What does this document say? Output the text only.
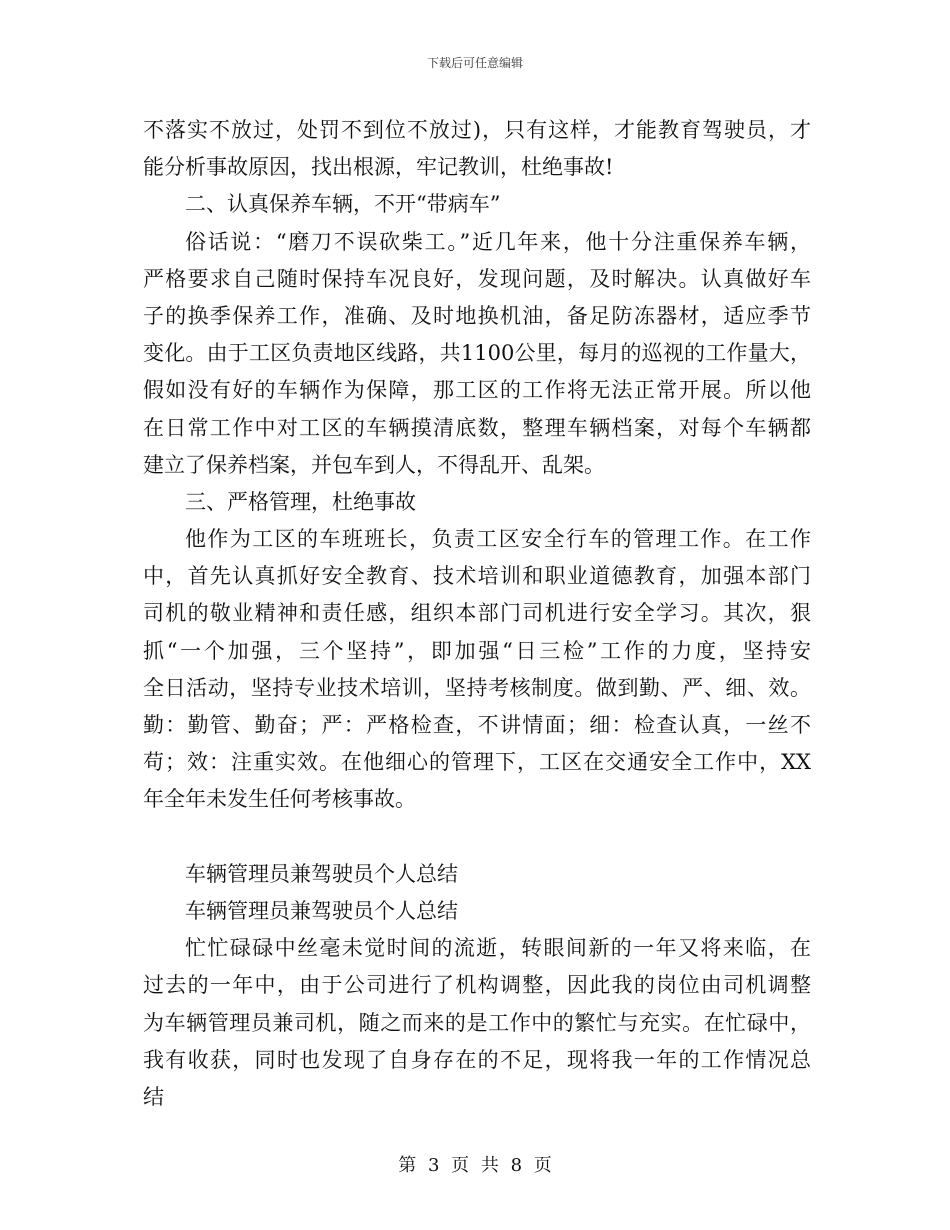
下载后可任意编辑
不落实不放过，处罚不到位不放过)，只有这样，才能教育驾驶员，才
能分析事故原因，找出根源，牢记教训，杜绝事故!
二、认真保养车辆，不开“带病车”
俗话说：“磨刀不误砍柴工。”近几年来，他十分注重保养车辆，
严格要求自己随时保持车况良好，发现问题，及时解决。认真做好车
子的换季保养工作，准确、及时地换机油，备足防冻器材，适应季节
变化。由于工区负责地区线路，共1100公里，每月的巡视的工作量大，
假如没有好的车辆作为保障，那工区的工作将无法正常开展。所以他
在日常工作中对工区的车辆摸清底数，整理车辆档案，对每个车辆都
建立了保养档案，并包车到人，不得乱开、乱架。
三、严格管理，杜绝事故
他作为工区的车班班长，负责工区安全行车的管理工作。在工作
中，首先认真抓好安全教育、技术培训和职业道德教育，加强本部门
司机的敬业精神和责任感，组织本部门司机进行安全学习。其次，狠
抓“一个加强，三个坚持”，即加强“日三检”工作的力度，坚持安
全日活动，坚持专业技术培训，坚持考核制度。做到勤、严、细、效。
勤：勤管、勤奋；严：严格检查，不讲情面；细：检查认真，一丝不
苟；效：注重实效。在他细心的管理下，工区在交通安全工作中，XX
年全年未发生任何考核事故。
车辆管理员兼驾驶员个人总结
车辆管理员兼驾驶员个人总结
忙忙碌碌中丝毫未觉时间的流逝，转眼间新的一年又将来临，在
过去的一年中，由于公司进行了机构调整，因此我的岗位由司机调整
为车辆管理员兼司机，随之而来的是工作中的繁忙与充实。在忙碌中，
我有收获，同时也发现了自身存在的不足，现将我一年的工作情况总
结
第 3 页 共 8 页
